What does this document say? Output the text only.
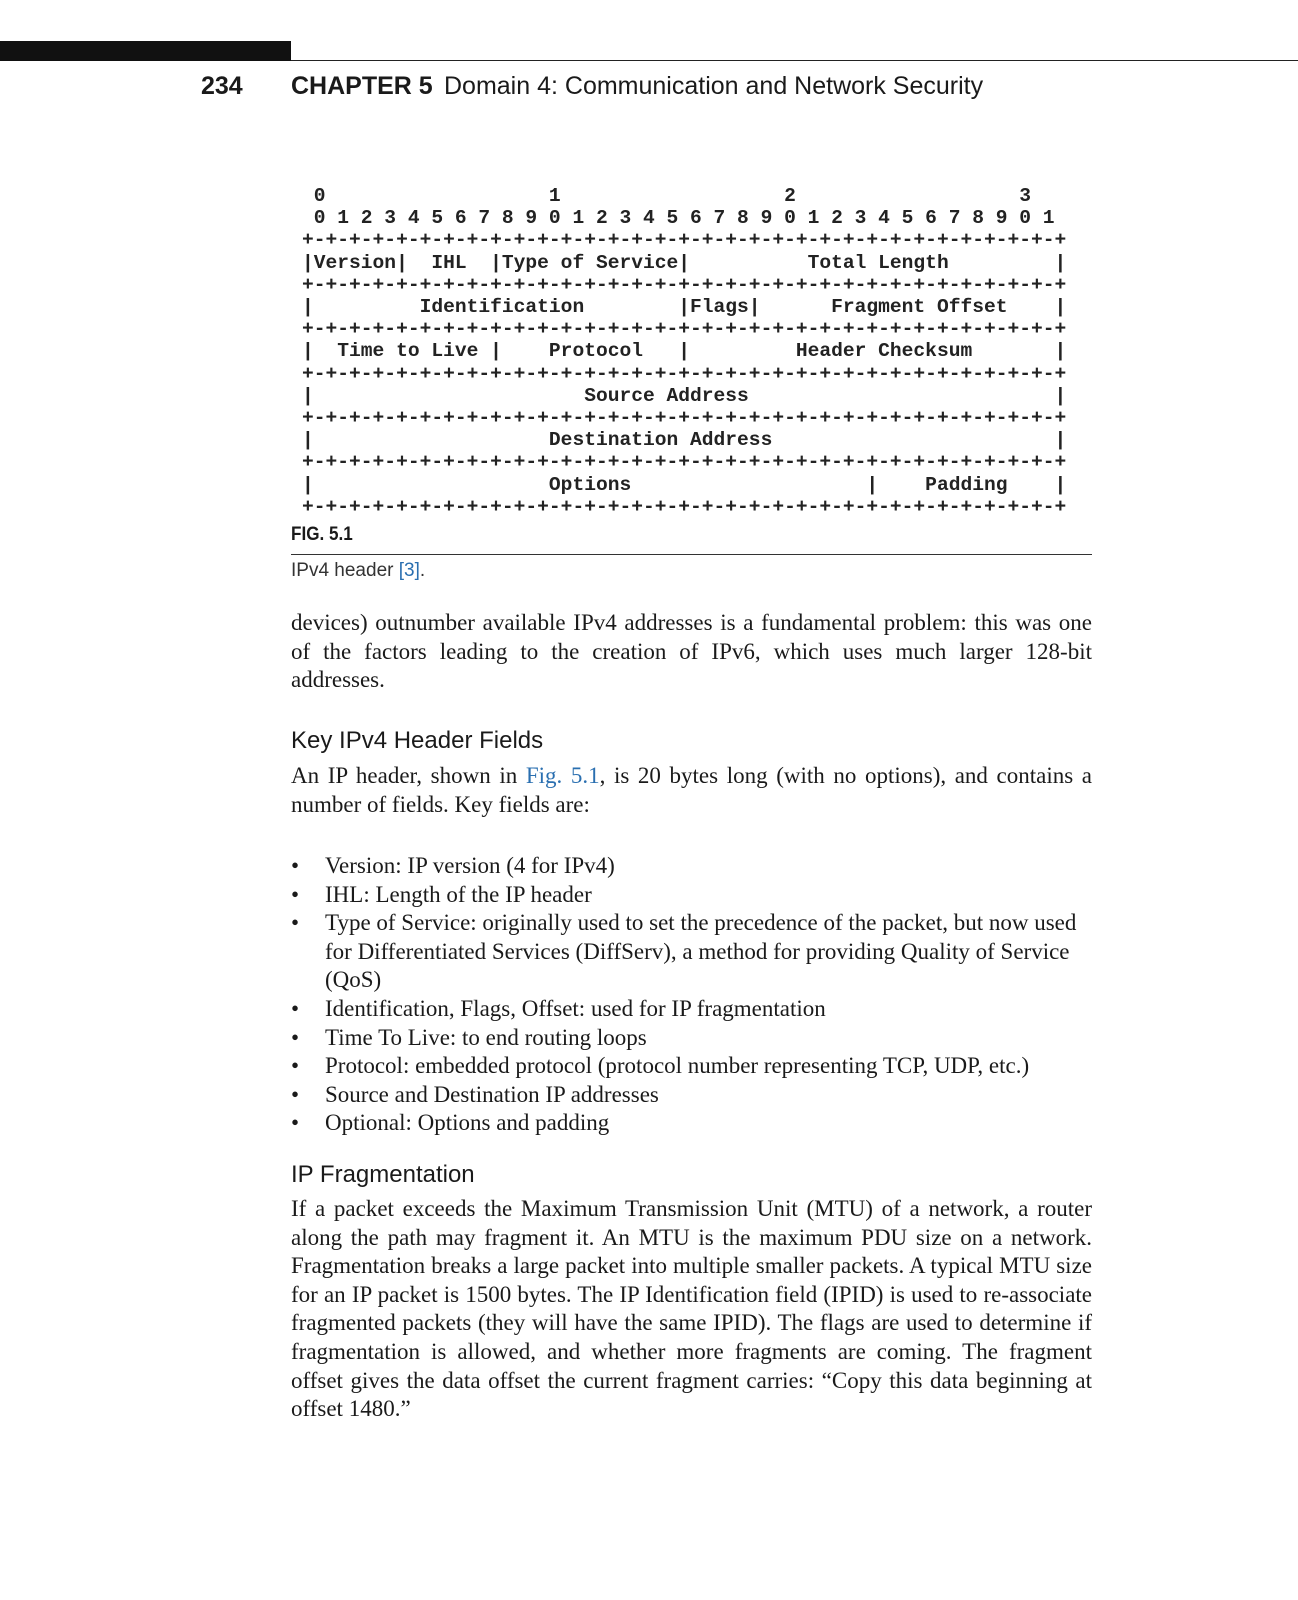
234 CHAPTER 5 Domain 4: Communication and Network Security
0                   1                   2                   3
0 1 2 3 4 5 6 7 8 9 0 1 2 3 4 5 6 7 8 9 0 1 2 3 4 5 6 7 8 9 0 1
+-+-+-+-+-+-+-+-+-+-+-+-+-+-+-+-+-+-+-+-+-+-+-+-+-+-+-+-+-+-+-+-+
|Version|  IHL  |Type of Service|          Total Length         |
+-+-+-+-+-+-+-+-+-+-+-+-+-+-+-+-+-+-+-+-+-+-+-+-+-+-+-+-+-+-+-+-+
|         Identification        |Flags|      Fragment Offset    |
+-+-+-+-+-+-+-+-+-+-+-+-+-+-+-+-+-+-+-+-+-+-+-+-+-+-+-+-+-+-+-+-+
|  Time to Live |    Protocol   |         Header Checksum       |
+-+-+-+-+-+-+-+-+-+-+-+-+-+-+-+-+-+-+-+-+-+-+-+-+-+-+-+-+-+-+-+-+
|                       Source Address                          |
+-+-+-+-+-+-+-+-+-+-+-+-+-+-+-+-+-+-+-+-+-+-+-+-+-+-+-+-+-+-+-+-+
|                    Destination Address                        |
+-+-+-+-+-+-+-+-+-+-+-+-+-+-+-+-+-+-+-+-+-+-+-+-+-+-+-+-+-+-+-+-+
|                    Options                    |    Padding    |
+-+-+-+-+-+-+-+-+-+-+-+-+-+-+-+-+-+-+-+-+-+-+-+-+-+-+-+-+-+-+-+-+
FIG. 5.1
IPv4 header [3].

devices) outnumber available IPv4 addresses is a fundamental problem: this was one of the factors leading to the creation of IPv6, which uses much larger 128-bit addresses.

Key IPv4 Header Fields

An IP header, shown in Fig. 5.1, is 20 bytes long (with no options), and contains a number of fields. Key fields are:

• Version: IP version (4 for IPv4)
• IHL: Length of the IP header
• Type of Service: originally used to set the precedence of the packet, but now used for Differentiated Services (DiffServ), a method for providing Quality of Service (QoS)
• Identification, Flags, Offset: used for IP fragmentation
• Time To Live: to end routing loops
• Protocol: embedded protocol (protocol number representing TCP, UDP, etc.)
• Source and Destination IP addresses
• Optional: Options and padding
IP Fragmentation

If a packet exceeds the Maximum Transmission Unit (MTU) of a network, a router along the path may fragment it. An MTU is the maximum PDU size on a network. Fragmentation breaks a large packet into multiple smaller packets. A typical MTU size for an IP packet is 1500 bytes. The IP Identification field (IPID) is used to re-associate fragmented packets (they will have the same IPID). The flags are used to determine if fragmentation is allowed, and whether more fragments are coming. The fragment offset gives the data offset the current fragment carries: “Copy this data beginning at offset 1480.”
